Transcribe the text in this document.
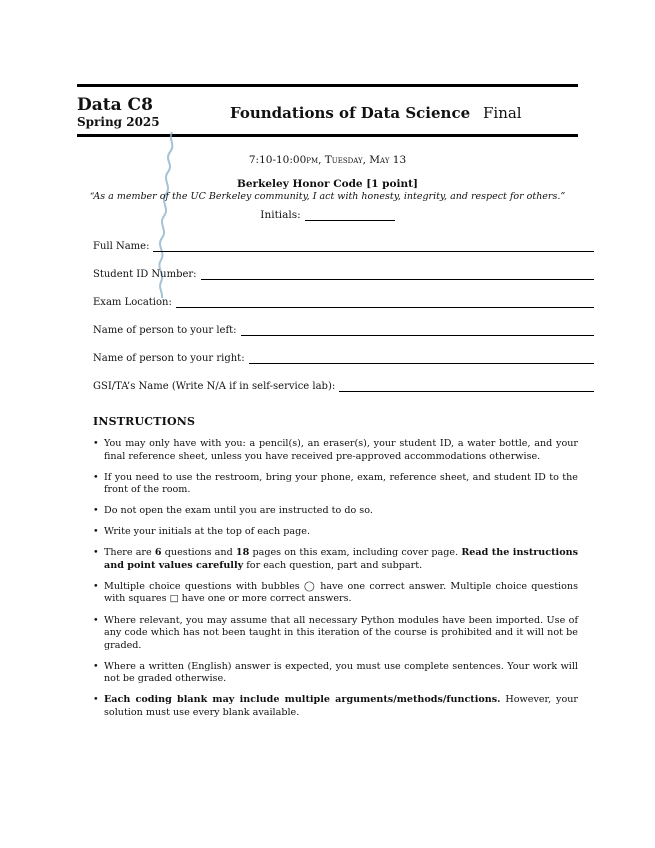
Data C8
Spring 2025	Foundations of Data Science Final
7:10-10:00pm, Tuesday, May 13
Berkeley Honor Code [1 point]
“As a member of the UC Berkeley community, I act with honesty, integrity, and respect for others.”
Initials:
Full Name:
Student ID Number:
Exam Location:
Name of person to your left:
Name of person to your right:
GSI/TA’s Name (Write N/A if in self-service lab):
INSTRUCTIONS
• You may only have with you: a pencil(s), an eraser(s), your student ID, a water bottle, and your final reference sheet, unless you have received pre-approved accommodations otherwise.
• If you need to use the restroom, bring your phone, exam, reference sheet, and student ID to the front of the room.
• Do not open the exam until you are instructed to do so.
• Write your initials at the top of each page.
• There are 6 questions and 18 pages on this exam, including cover page. Read the instructions and point values carefully for each question, part and subpart.
• Multiple choice questions with bubbles ◯ have one correct answer. Multiple choice questions with squares □ have one or more correct answers.
• Where relevant, you may assume that all necessary Python modules have been imported. Use of any code which has not been taught in this iteration of the course is prohibited and it will not be graded.
• Where a written (English) answer is expected, you must use complete sentences. Your work will not be graded otherwise.
• Each coding blank may include multiple arguments/methods/functions. However, your solution must use every blank available.
